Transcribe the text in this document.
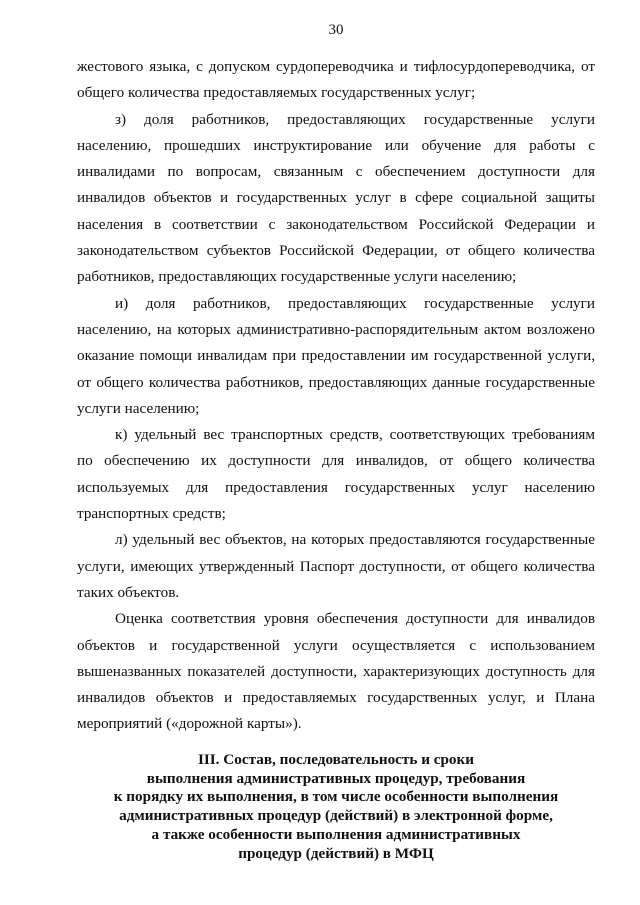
30

жестового языка, с допуском сурдопереводчика и тифлосурдопереводчика, от общего количества предоставляемых государственных услуг;

з) доля работников, предоставляющих государственные услуги населению, прошедших инструктирование или обучение для работы с инвалидами по вопросам, связанным с обеспечением доступности для инвалидов объектов и государственных услуг в сфере социальной защиты населения в соответствии с законодательством Российской Федерации и законодательством субъектов Российской Федерации, от общего количества работников, предоставляющих государственные услуги населению;

и) доля работников, предоставляющих государственные услуги населению, на которых административно-распорядительным актом возложено оказание помощи инвалидам при предоставлении им государственной услуги, от общего количества работников, предоставляющих данные государственные услуги населению;

к) удельный вес транспортных средств, соответствующих требованиям по обеспечению их доступности для инвалидов, от общего количества используемых для предоставления государственных услуг населению транспортных средств;

л) удельный вес объектов, на которых предоставляются государственные услуги, имеющих утвержденный Паспорт доступности, от общего количества таких объектов.

Оценка соответствия уровня обеспечения доступности для инвалидов объектов и государственной услуги осуществляется с использованием вышеназванных показателей доступности, характеризующих доступность для инвалидов объектов и предоставляемых государственных услуг, и Плана мероприятий («дорожной карты»).

III. Состав, последовательность и сроки
выполнения административных процедур, требования
к порядку их выполнения, в том числе особенности выполнения
административных процедур (действий) в электронной форме,
а также особенности выполнения административных
процедур (действий) в МФЦ
